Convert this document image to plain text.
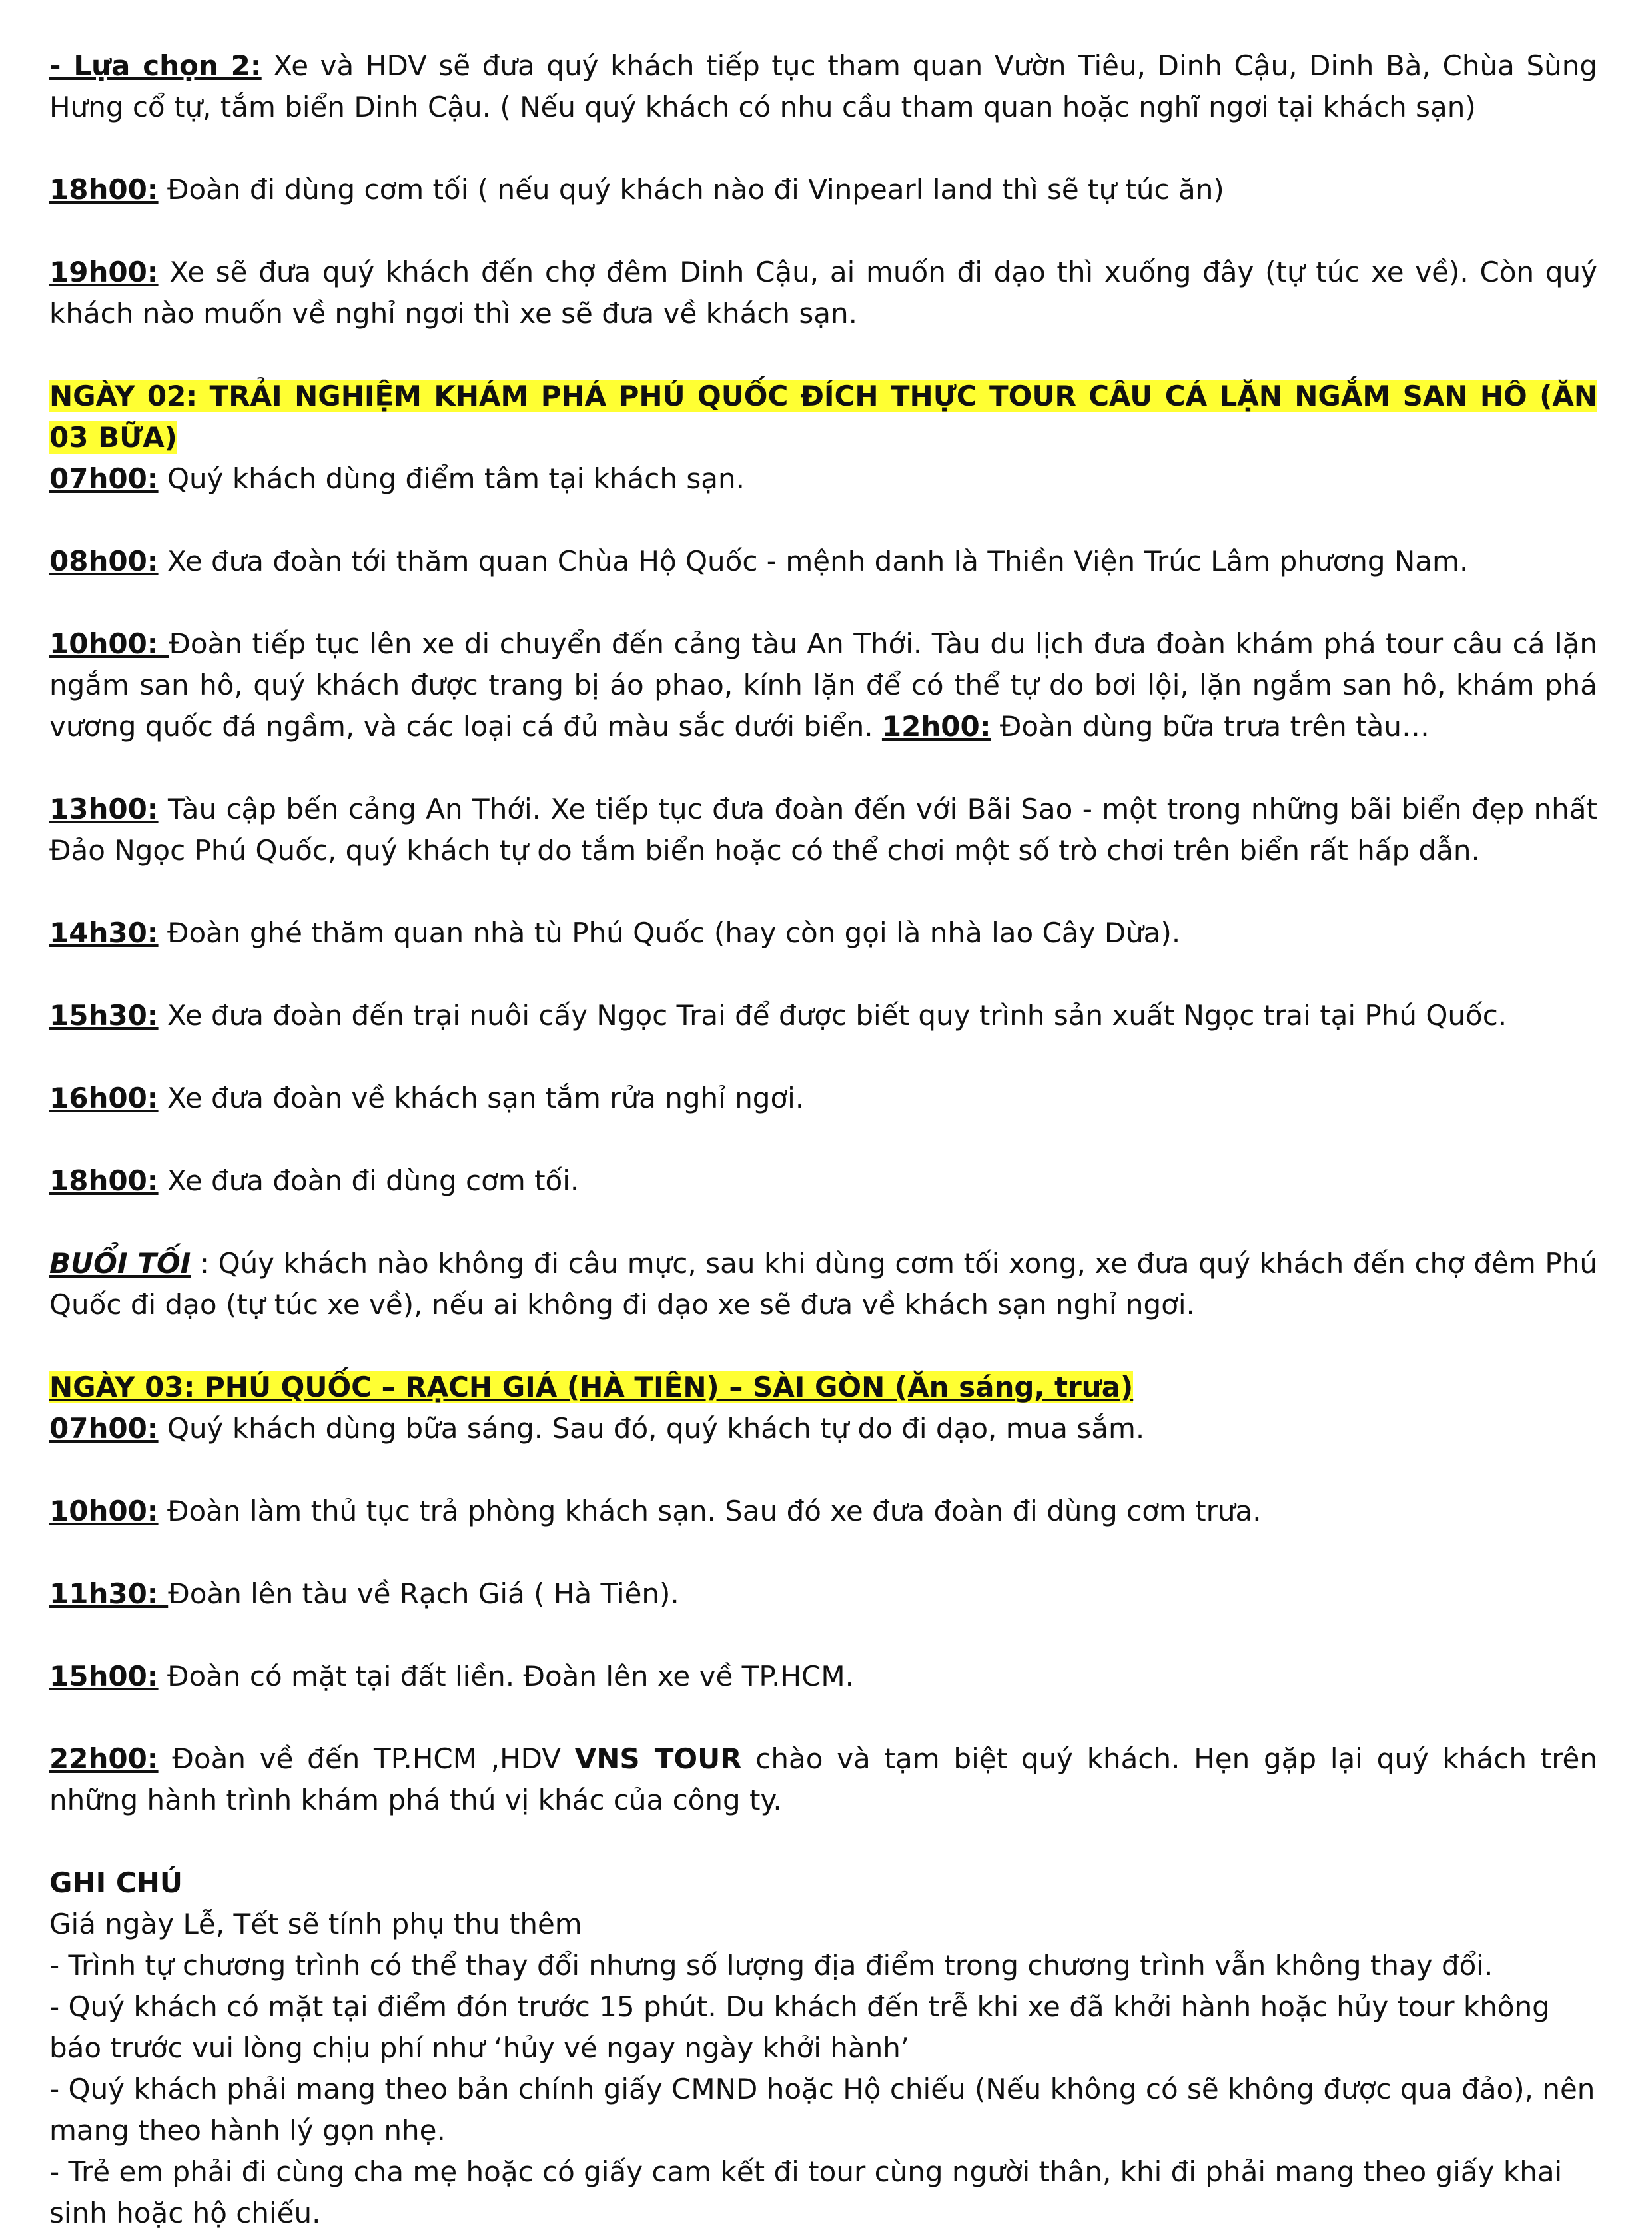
- Lựa chọn 2: Xe và HDV sẽ đưa quý khách tiếp tục tham quan Vườn Tiêu, Dinh Cậu, Dinh Bà, Chùa Sùng Hưng cổ tự, tắm biển Dinh Cậu. ( Nếu quý khách có nhu cầu tham quan hoặc nghĩ ngơi tại khách sạn)

18h00: Đoàn đi dùng cơm tối ( nếu quý khách nào đi Vinpearl land thì sẽ tự túc ăn)

19h00: Xe sẽ đưa quý khách đến chợ đêm Dinh Cậu, ai muốn đi dạo thì xuống đây (tự túc xe về). Còn quý khách nào muốn về nghỉ ngơi thì xe sẽ đưa về khách sạn.

NGÀY 02: TRẢI NGHIỆM KHÁM PHÁ PHÚ QUỐC ĐÍCH THỰC TOUR CÂU CÁ LẶN NGẮM SAN HÔ (ĂN 03 BỮA)

07h00: Quý khách dùng điểm tâm tại khách sạn.

08h00: Xe đưa đoàn tới thăm quan Chùa Hộ Quốc - mệnh danh là Thiền Viện Trúc Lâm phương Nam.

10h00: Đoàn tiếp tục lên xe di chuyển đến cảng tàu An Thới. Tàu du lịch đưa đoàn khám phá tour câu cá lặn ngắm san hô, quý khách được trang bị áo phao, kính lặn để có thể tự do bơi lội, lặn ngắm san hô, khám phá vương quốc đá ngầm, và các loại cá đủ màu sắc dưới biển. 12h00: Đoàn dùng bữa trưa trên tàu…

13h00: Tàu cập bến cảng An Thới. Xe tiếp tục đưa đoàn đến với Bãi Sao - một trong những bãi biển đẹp nhất Đảo Ngọc Phú Quốc, quý khách tự do tắm biển hoặc có thể chơi một số trò chơi trên biển rất hấp dẫn.

14h30: Đoàn ghé thăm quan nhà tù Phú Quốc (hay còn gọi là nhà lao Cây Dừa).

15h30: Xe đưa đoàn đến trại nuôi cấy Ngọc Trai để được biết quy trình sản xuất Ngọc trai tại Phú Quốc.

16h00: Xe đưa đoàn về khách sạn tắm rửa nghỉ ngơi.

18h00: Xe đưa đoàn đi dùng cơm tối.

BUỔI TỐI : Qúy khách nào không đi câu mực, sau khi dùng cơm tối xong, xe đưa quý khách đến chợ đêm Phú Quốc đi dạo (tự túc xe về), nếu ai không đi dạo xe sẽ đưa về khách sạn nghỉ ngơi.

NGÀY 03: PHÚ QUỐC – RẠCH GIÁ (HÀ TIÊN) – SÀI GÒN (Ăn sáng, trưa)

07h00: Quý khách dùng bữa sáng. Sau đó, quý khách tự do đi dạo, mua sắm.

10h00: Đoàn làm thủ tục trả phòng khách sạn. Sau đó xe đưa đoàn đi dùng cơm trưa.

11h30: Đoàn lên tàu về Rạch Giá ( Hà Tiên).

15h00: Đoàn có mặt tại đất liền. Đoàn lên xe về TP.HCM.

22h00: Đoàn về đến TP.HCM ,HDV VNS TOUR chào và tạm biệt quý khách. Hẹn gặp lại quý khách trên những hành trình khám phá thú vị khác của công ty.

GHI CHÚ

Giá ngày Lễ, Tết sẽ tính phụ thu thêm

- Trình tự chương trình có thể thay đổi nhưng số lượng địa điểm trong chương trình vẫn không thay đổi.

- Quý khách có mặt tại điểm đón trước 15 phút. Du khách đến trễ khi xe đã khởi hành hoặc hủy tour không báo trước vui lòng chịu phí như ‘hủy vé ngay ngày khởi hành’

- Quý khách phải mang theo bản chính giấy CMND hoặc Hộ chiếu (Nếu không có sẽ không được qua đảo), nên mang theo hành lý gọn nhẹ.

- Trẻ em phải đi cùng cha mẹ hoặc có giấy cam kết đi tour cùng người thân, khi đi phải mang theo giấy khai sinh hoặc hộ chiếu.
